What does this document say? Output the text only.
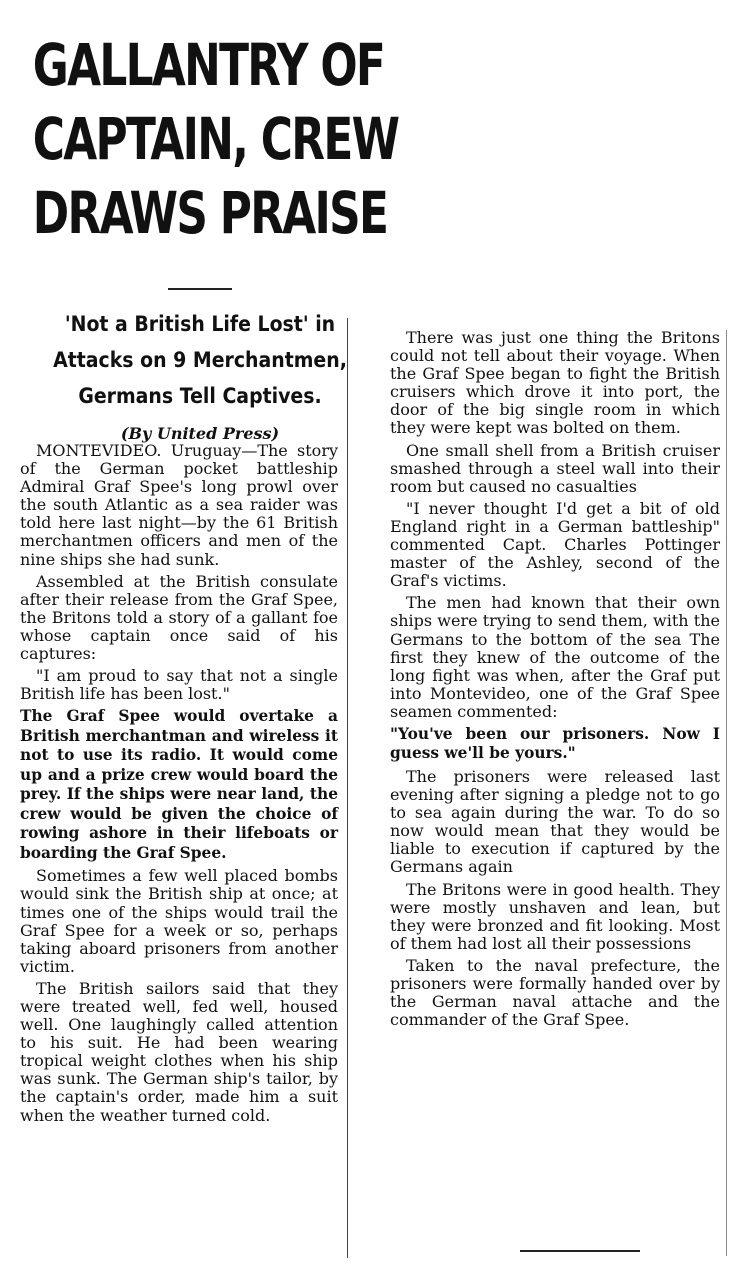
GALLANTRY OF
CAPTAIN, CREW
DRAWS PRAISE
'Not a British Life Lost' in
Attacks on 9 Merchantmen,
Germans Tell Captives.
(By United Press)

MONTEVIDEO. Uruguay—The story of the German pocket battleship Admiral Graf Spee's long prowl over the south Atlantic as a sea raider was told here last night—by the 61 British merchantmen officers and men of the nine ships she had sunk.

Assembled at the British consulate after their release from the Graf Spee, the Britons told a story of a gallant foe whose captain once said of his captures:

"I am proud to say that not a single British life has been lost."

The Graf Spee would overtake a British merchantman and wireless it not to use its radio. It would come up and a prize crew would board the prey. If the ships were near land, the crew would be given the choice of rowing ashore in their lifeboats or boarding the Graf Spee.

Sometimes a few well placed bombs would sink the British ship at once; at times one of the ships would trail the Graf Spee for a week or so, perhaps taking aboard prisoners from another victim.

The British sailors said that they were treated well, fed well, housed well. One laughingly called attention to his suit. He had been wearing tropical weight clothes when his ship was sunk. The German ship's tailor, by the captain's order, made him a suit when the weather turned cold.

There was just one thing the Britons could not tell about their voyage. When the Graf Spee began to fight the British cruisers which drove it into port, the door of the big single room in which they were kept was bolted on them.

One small shell from a British cruiser smashed through a steel wall into their room but caused no casualties

"I never thought I'd get a bit of old England right in a German battleship" commented Capt. Charles Pottinger master of the Ashley, second of the Graf's victims.

The men had known that their own ships were trying to send them, with the Germans to the bottom of the sea The first they knew of the outcome of the long fight was when, after the Graf put into Montevideo, one of the Graf Spee seamen commented:

"You've been our prisoners. Now I guess we'll be yours."

The prisoners were released last evening after signing a pledge not to go to sea again during the war. To do so now would mean that they would be liable to execution if captured by the Germans again

The Britons were in good health. They were mostly unshaven and lean, but they were bronzed and fit looking. Most of them had lost all their possessions

Taken to the naval prefecture, the prisoners were formally handed over by the German naval attache and the commander of the Graf Spee.
